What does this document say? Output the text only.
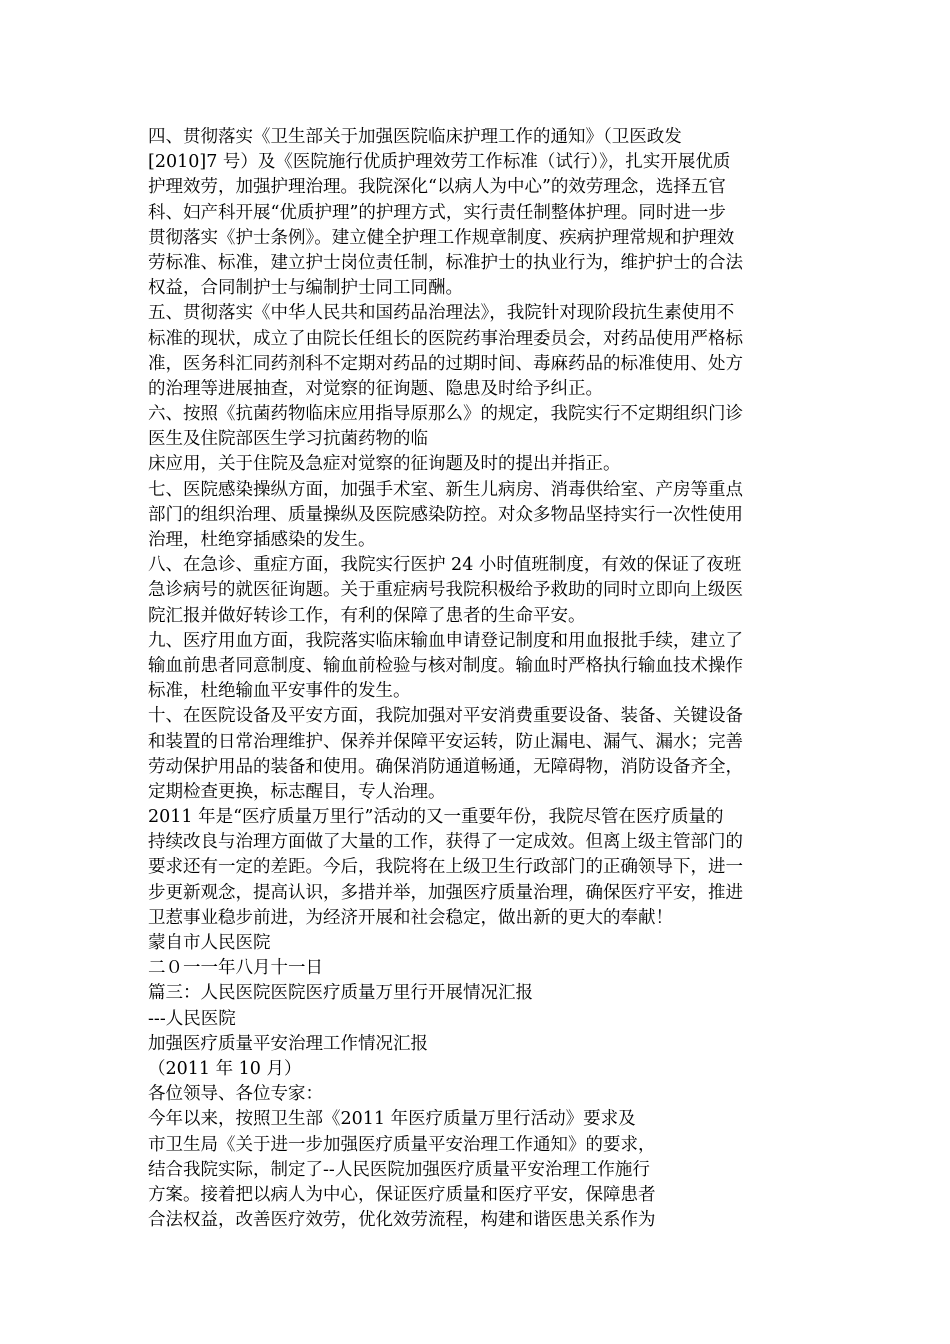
四、贯彻落实《卫生部关于加强医院临床护理工作的通知》（卫医政发
[2010]7 号）及《医院施行优质护理效劳工作标准（试行）》，扎实开展优质
护理效劳，加强护理治理。我院深化“以病人为中心”的效劳理念，选择五官
科、妇产科开展“优质护理”的护理方式，实行责任制整体护理。同时进一步
贯彻落实《护士条例》。建立健全护理工作规章制度、疾病护理常规和护理效
劳标准、标准，建立护士岗位责任制，标准护士的执业行为，维护护士的合法
权益，合同制护士与编制护士同工同酬。
五、贯彻落实《中华人民共和国药品治理法》，我院针对现阶段抗生素使用不
标准的现状，成立了由院长任组长的医院药事治理委员会，对药品使用严格标
准，医务科汇同药剂科不定期对药品的过期时间、毒麻药品的标准使用、处方
的治理等进展抽查，对觉察的征询题、隐患及时给予纠正。
六、按照《抗菌药物临床应用指导原那么》的规定，我院实行不定期组织门诊
医生及住院部医生学习抗菌药物的临
床应用，关于住院及急症对觉察的征询题及时的提出并指正。
七、医院感染操纵方面，加强手术室、新生儿病房、消毒供给室、产房等重点
部门的组织治理、质量操纵及医院感染防控。对众多物品坚持实行一次性使用
治理，杜绝穿插感染的发生。
八、在急诊、重症方面，我院实行医护 24 小时值班制度，有效的保证了夜班
急诊病号的就医征询题。关于重症病号我院积极给予救助的同时立即向上级医
院汇报并做好转诊工作，有利的保障了患者的生命平安。
九、医疗用血方面，我院落实临床输血申请登记制度和用血报批手续，建立了
输血前患者同意制度、输血前检验与核对制度。输血时严格执行输血技术操作
标准，杜绝输血平安事件的发生。
十、在医院设备及平安方面，我院加强对平安消费重要设备、装备、关键设备
和装置的日常治理维护、保养并保障平安运转，防止漏电、漏气、漏水；完善
劳动保护用品的装备和使用。确保消防通道畅通，无障碍物，消防设备齐全，
定期检查更换，标志醒目，专人治理。
2011 年是“医疗质量万里行”活动的又一重要年份，我院尽管在医疗质量的
持续改良与治理方面做了大量的工作，获得了一定成效。但离上级主管部门的
要求还有一定的差距。今后，我院将在上级卫生行政部门的正确领导下，进一
步更新观念，提高认识，多措并举，加强医疗质量治理，确保医疗平安，推进
卫惹事业稳步前进，为经济开展和社会稳定，做出新的更大的奉献！
蒙自市人民医院
二０一一年八月十一日
篇三：人民医院医院医疗质量万里行开展情况汇报
---人民医院
加强医疗质量平安治理工作情况汇报
（2011 年 10 月）
各位领导、各位专家：
今年以来，按照卫生部《2011 年医疗质量万里行活动》要求及
市卫生局《关于进一步加强医疗质量平安治理工作通知》的要求，
结合我院实际，制定了--人民医院加强医疗质量平安治理工作施行
方案。接着把以病人为中心，保证医疗质量和医疗平安，保障患者
合法权益，改善医疗效劳，优化效劳流程，构建和谐医患关系作为
